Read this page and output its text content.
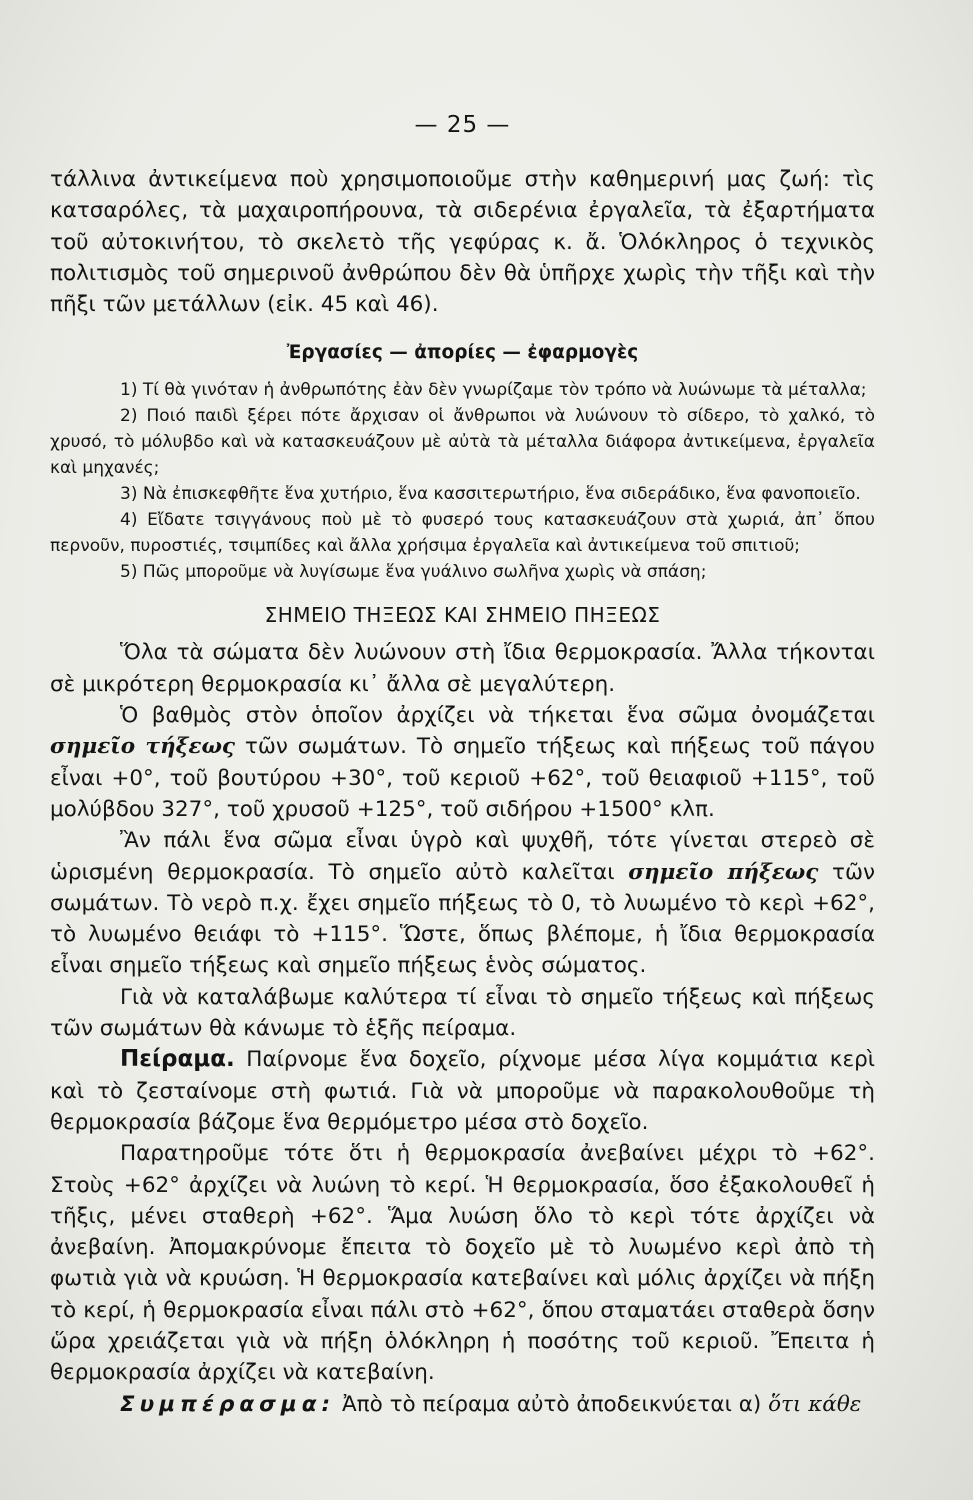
— 25 —

τάλλινα ἀντικείμενα ποὺ χρησιμοποιοῦμε στὴν καθημερινή μας ζωή: τὶς κατσαρόλες, τὰ μαχαιροπήρουνα, τὰ σιδερένια ἐργαλεῖα, τὰ ἐξαρτήματα τοῦ αὐτοκινήτου, τὸ σκελετὸ τῆς γεφύρας κ. ἄ. Ὁλόκληρος ὁ τεχνικὸς πολιτισμὸς τοῦ σημερινοῦ ἀνθρώπου δὲν θὰ ὑπῆρχε χωρὶς τὴν τῆξι καὶ τὴν πῆξι τῶν μετάλλων (εἰκ. 45 καὶ 46).

Ἐργασίες — ἀπορίες — ἐφαρμογὲς

1) Τί θὰ γινόταν ἡ ἀνθρωπότης ἐὰν δὲν γνωρίζαμε τὸν τρόπο νὰ λυώνωμε τὰ μέταλλα;

2) Ποιό παιδὶ ξέρει πότε ἄρχισαν οἱ ἄνθρωποι νὰ λυώνουν τὸ σίδερο, τὸ χαλκό, τὸ χρυσό, τὸ μόλυβδο καὶ νὰ κατασκευάζουν μὲ αὐτὰ τὰ μέταλλα διάφορα ἀντικείμενα, ἐργαλεῖα καὶ μηχανές;

3) Νὰ ἐπισκεφθῆτε ἕνα χυτήριο, ἕνα κασσιτερωτήριο, ἕνα σιδεράδικο, ἕνα φανοποιεῖο.

4) Εἴδατε τσιγγάνους ποὺ μὲ τὸ φυσερό τους κατασκευάζουν στὰ χωριά, ἀπ᾿ ὅπου περνοῦν, πυροστιές, τσιμπίδες καὶ ἄλλα χρήσιμα ἐργαλεῖα καὶ ἀντικείμενα τοῦ σπιτιοῦ;

5) Πῶς μποροῦμε νὰ λυγίσωμε ἕνα γυάλινο σωλῆνα χωρὶς νὰ σπάση;

ΣΗΜΕΙΟ ΤΗΞΕΩΣ ΚΑΙ ΣΗΜΕΙΟ ΠΗΞΕΩΣ

Ὅλα τὰ σώματα δὲν λυώνουν στὴ ἴδια θερμοκρασία. Ἄλλα τήκονται σὲ μικρότερη θερμοκρασία κι᾿ ἄλλα σὲ μεγαλύτερη.

Ὁ βαθμὸς στὸν ὁποῖον ἀρχίζει νὰ τήκεται ἕνα σῶμα ὀνομάζεται σημεῖο τήξεως τῶν σωμάτων. Τὸ σημεῖο τήξεως καὶ πήξεως τοῦ πάγου εἶναι +0°, τοῦ βουτύρου +30°, τοῦ κεριοῦ +62°, τοῦ θειαφιοῦ +115°, τοῦ μολύβδου 327°, τοῦ χρυσοῦ +125°, τοῦ σιδήρου +1500° κλπ.

Ἂν πάλι ἕνα σῶμα εἶναι ὑγρὸ καὶ ψυχθῆ, τότε γίνεται στερεὸ σὲ ὡρισμένη θερμοκρασία. Τὸ σημεῖο αὐτὸ καλεῖται σημεῖο πήξεως τῶν σωμάτων. Τὸ νερὸ π.χ. ἔχει σημεῖο πήξεως τὸ 0, τὸ λυωμένο τὸ κερὶ +62°, τὸ λυωμένο θειάφι τὸ +115°. Ὥστε, ὅπως βλέπομε, ἡ ἴδια θερμοκρασία εἶναι σημεῖο τήξεως καὶ σημεῖο πήξεως ἑνὸς σώματος.

Γιὰ νὰ καταλάβωμε καλύτερα τί εἶναι τὸ σημεῖο τήξεως καὶ πήξεως τῶν σωμάτων θὰ κάνωμε τὸ ἑξῆς πείραμα.

Πείραμα. Παίρνομε ἕνα δοχεῖο, ρίχνομε μέσα λίγα κομμάτια κερὶ καὶ τὸ ζεσταίνομε στὴ φωτιά. Γιὰ νὰ μποροῦμε νὰ παρακολουθοῦμε τὴ θερμοκρασία βάζομε ἕνα θερμόμετρο μέσα στὸ δοχεῖο.

Παρατηροῦμε τότε ὅτι ἡ θερμοκρασία ἀνεβαίνει μέχρι τὸ +62°. Στοὺς +62° ἀρχίζει νὰ λυώνη τὸ κερί. Ἡ θερμοκρασία, ὅσο ἐξακολουθεῖ ἡ τῆξις, μένει σταθερὴ +62°. Ἅμα λυώση ὅλο τὸ κερὶ τότε ἀρχίζει νὰ ἀνεβαίνη. Ἀπομακρύνομε ἔπειτα τὸ δοχεῖο μὲ τὸ λυωμένο κερὶ ἀπὸ τὴ φωτιὰ γιὰ νὰ κρυώση. Ἡ θερμοκρασία κατεβαίνει καὶ μόλις ἀρχίζει νὰ πήξη τὸ κερί, ἡ θερμοκρασία εἶναι πάλι στὸ +62°, ὅπου σταματάει σταθερὰ ὅσην ὥρα χρειάζεται γιὰ νὰ πήξη ὁλόκληρη ἡ ποσότης τοῦ κεριοῦ. Ἔπειτα ἡ θερμοκρασία ἀρχίζει νὰ κατεβαίνη.

Συμπέρασμα: Ἀπὸ τὸ πείραμα αὐτὸ ἀποδεικνύεται α) ὅτι κάθε
